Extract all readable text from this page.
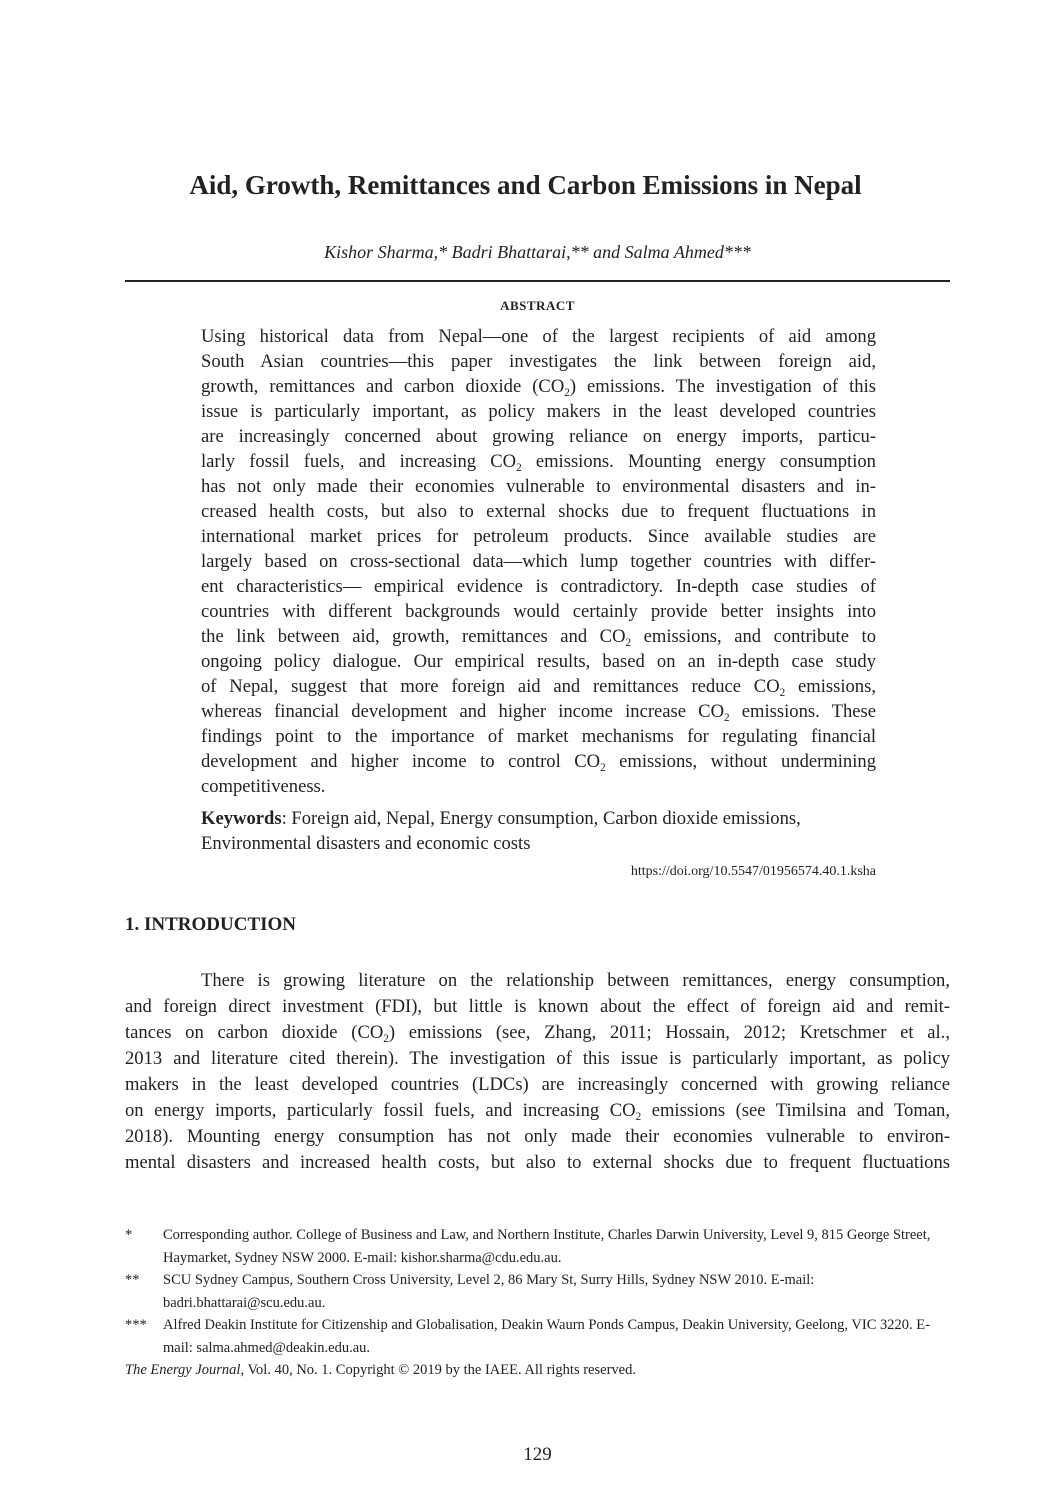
Aid, Growth, Remittances and Carbon Emissions in Nepal
Kishor Sharma,* Badri Bhattarai,** and Salma Ahmed***
ABSTRACT
Using historical data from Nepal—one of the largest recipients of aid among
South Asian countries—this paper investigates the link between foreign aid,
growth, remittances and carbon dioxide $(CO_2)$ emissions. The investigation of this
issue is particularly important, as policy makers in the least developed countries
are increasingly concerned about growing reliance on energy imports, particu-
larly fossil fuels, and increasing $CO_2$ emissions. Mounting energy consumption
has not only made their economies vulnerable to environmental disasters and in-
creased health costs, but also to external shocks due to frequent fluctuations in
international market prices for petroleum products. Since available studies are
largely based on cross-sectional data—which lump together countries with differ-
ent characteristics— empirical evidence is contradictory. In-depth case studies of
countries with different backgrounds would certainly provide better insights into
the link between aid, growth, remittances and $CO_2$ emissions, and contribute to
ongoing policy dialogue. Our empirical results, based on an in-depth case study
of Nepal, suggest that more foreign aid and remittances reduce $CO_2$ emissions,
whereas financial development and higher income increase $CO_2$ emissions. These
findings point to the importance of market mechanisms for regulating financial
development and higher income to control $CO_2$ emissions, without undermining
competitiveness.
Keywords: Foreign aid, Nepal, Energy consumption, Carbon dioxide emissions,
Environmental disasters and economic costs
https://doi.org/10.5547/01956574.40.1.ksha
1. INTRODUCTION
There is growing literature on the relationship between remittances, energy consumption,
and foreign direct investment (FDI), but little is known about the effect of foreign aid and remit-
tances on carbon dioxide $(CO_2)$ emissions (see, Zhang, 2011; Hossain, 2012; Kretschmer et al.,
2013 and literature cited therein). The investigation of this issue is particularly important, as policy
makers in the least developed countries (LDCs) are increasingly concerned with growing reliance
on energy imports, particularly fossil fuels, and increasing $CO_2$ emissions (see Timilsina and Toman,
2018). Mounting energy consumption has not only made their economies vulnerable to environ-
mental disasters and increased health costs, but also to external shocks due to frequent fluctuations
* Corresponding author. College of Business and Law, and Northern Institute, Charles Darwin University, Level 9, 815 George Street, Haymarket, Sydney NSW 2000. E-mail: kishor.sharma@cdu.edu.au.
** SCU Sydney Campus, Southern Cross University, Level 2, 86 Mary St, Surry Hills, Sydney NSW 2010. E-mail: badri.bhattarai@scu.edu.au.
*** Alfred Deakin Institute for Citizenship and Globalisation, Deakin Waurn Ponds Campus, Deakin University, Geelong, VIC 3220. E-mail: salma.ahmed@deakin.edu.au.
The Energy Journal, Vol. 40, No. 1. Copyright © 2019 by the IAEE. All rights reserved.
129
